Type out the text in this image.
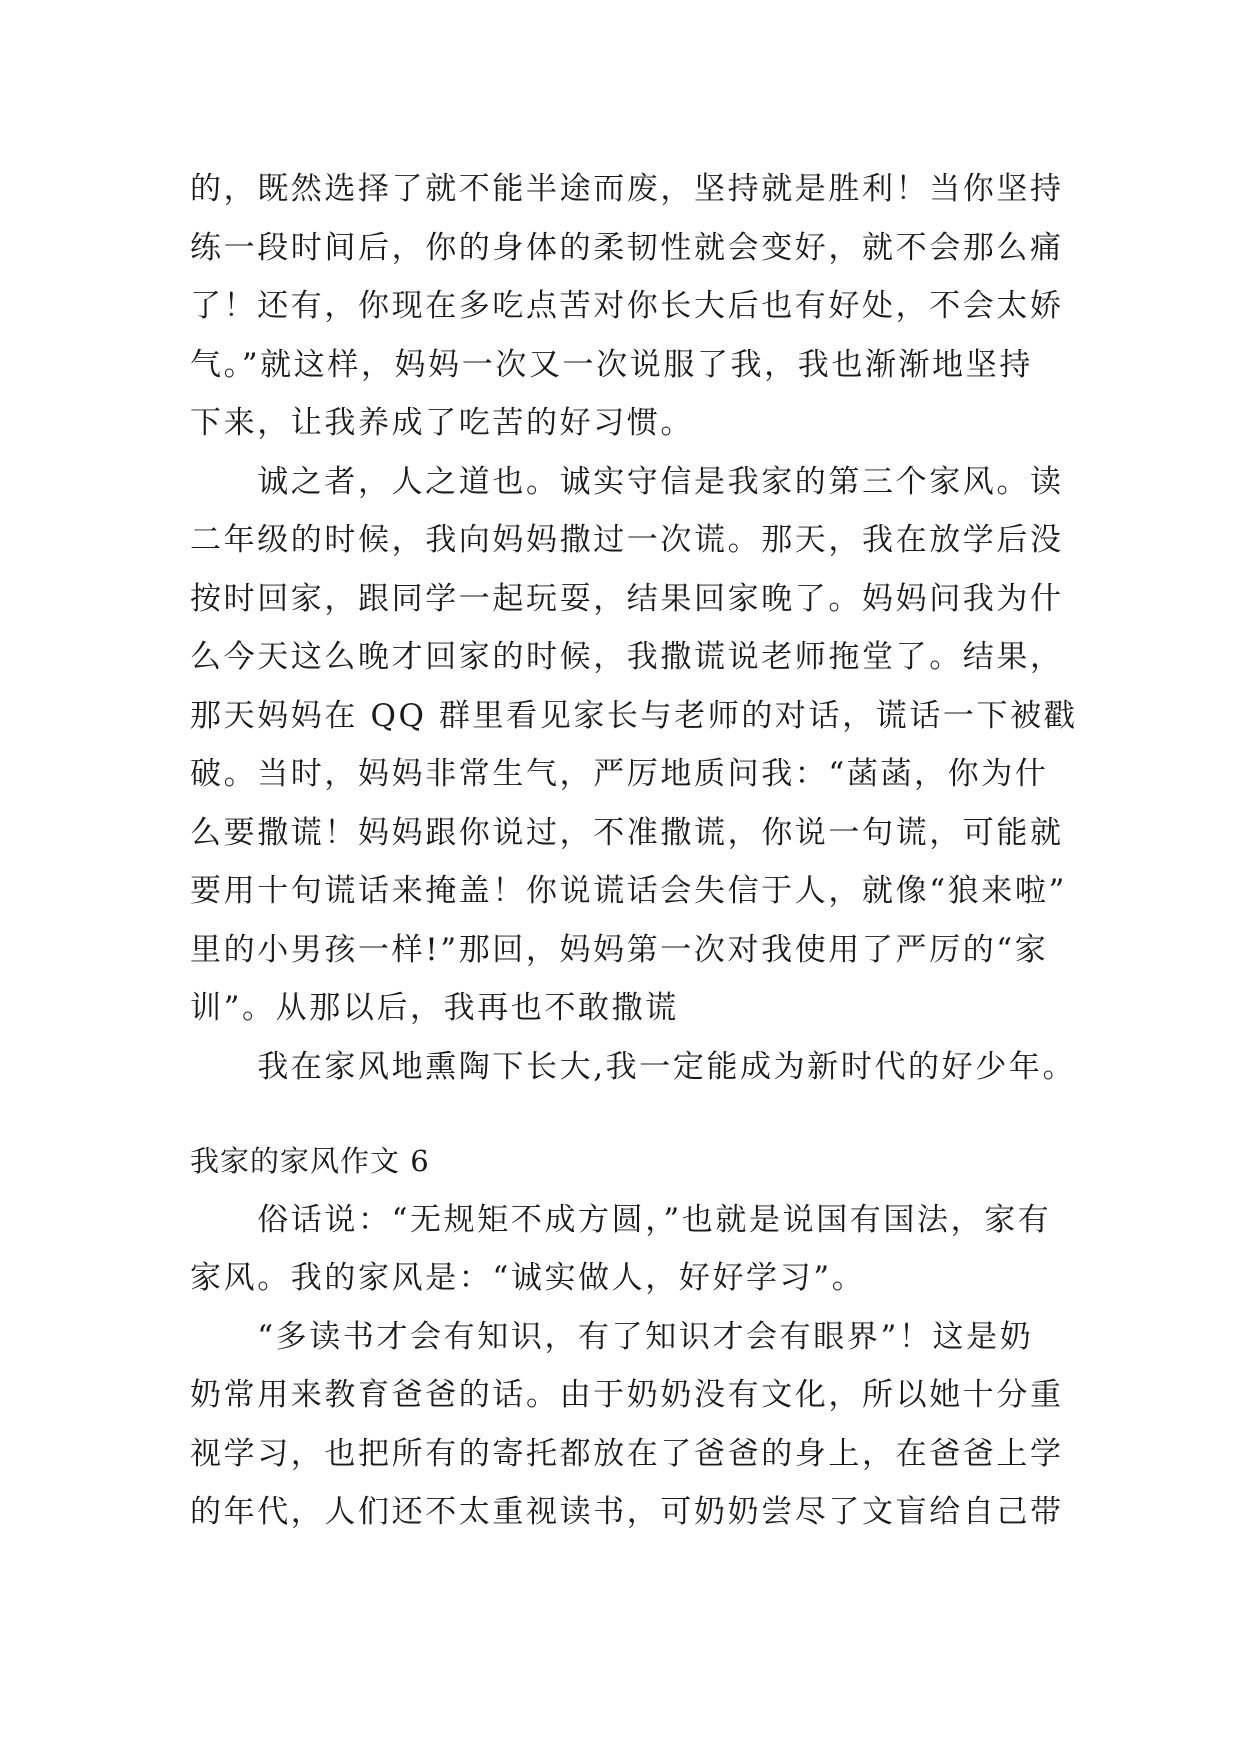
的，既然选择了就不能半途而废，坚持就是胜利！当你坚持
练一段时间后，你的身体的柔韧性就会变好，就不会那么痛
了！还有，你现在多吃点苦对你长大后也有好处，不会太娇
气。”就这样，妈妈一次又一次说服了我，我也渐渐地坚持
下来，让我养成了吃苦的好习惯。
　　诚之者，人之道也。诚实守信是我家的第三个家风。读
二年级的时候，我向妈妈撒过一次谎。那天，我在放学后没
按时回家，跟同学一起玩耍，结果回家晚了。妈妈问我为什
么今天这么晚才回家的时候，我撒谎说老师拖堂了。结果，
那天妈妈在 QQ 群里看见家长与老师的对话，谎话一下被戳
破。当时，妈妈非常生气，严厉地质问我：“菡菡，你为什
么要撒谎！妈妈跟你说过，不准撒谎，你说一句谎，可能就
要用十句谎话来掩盖！你说谎话会失信于人，就像“狼来啦”
里的小男孩一样!”那回，妈妈第一次对我使用了严厉的“家
训”。从那以后，我再也不敢撒谎
　　我在家风地熏陶下长大,我一定能成为新时代的好少年。
我家的家风作文 6
　　俗话说：“无规矩不成方圆，”也就是说国有国法，家有
家风。我的家风是：“诚实做人，好好学习”。
　　“多读书才会有知识，有了知识才会有眼界”！这是奶
奶常用来教育爸爸的话。由于奶奶没有文化，所以她十分重
视学习，也把所有的寄托都放在了爸爸的身上，在爸爸上学
的年代，人们还不太重视读书，可奶奶尝尽了文盲给自己带
